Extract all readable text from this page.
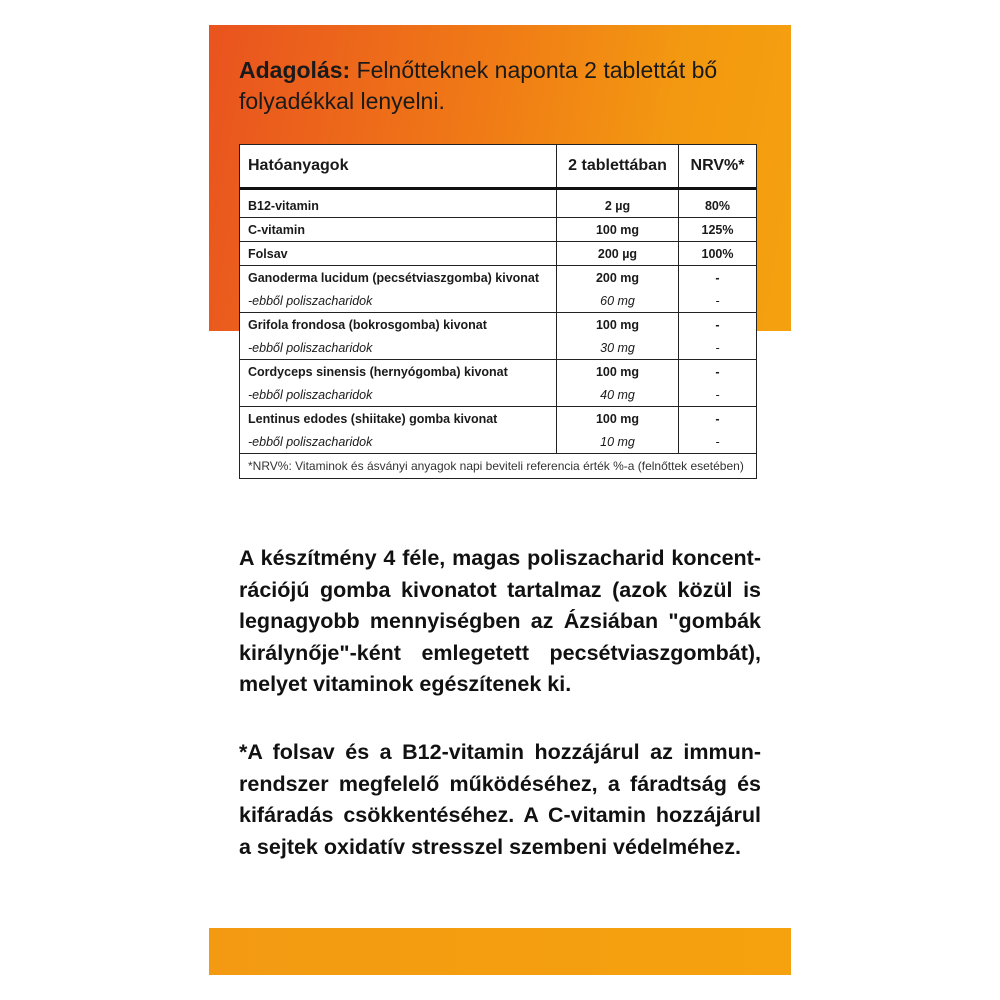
Adagolás: Felnőtteknek naponta 2 tablettát bő folyadékkal lenyelni.
Hatóanyagok	2 tablettában	NRV%*
B12-vitamin	2 µg	80%
C-vitamin	100 mg	125%
Folsav	200 µg	100%
Ganoderma lucidum (pecsétviaszgomba) kivonat	200 mg	-
-ebből poliszacharidok	60 mg	-
Grifola frondosa (bokrosgomba) kivonat	100 mg	-
-ebből poliszacharidok	30 mg	-
Cordyceps sinensis (hernyógomba) kivonat	100 mg	-
-ebből poliszacharidok	40 mg	-
Lentinus edodes (shiitake) gomba kivonat	100 mg	-
-ebből poliszacharidok	10 mg	-
*NRV%: Vitaminok és ásványi anyagok napi beviteli referencia érték %-a (felnőttek esetében)
A készítmény 4 féle, magas poliszacharid koncent-rációjú gomba kivonatot tartalmaz (azok közül is legnagyobb mennyiségben az Ázsiában "gombák királynője"-ként emlegetett pecsétviaszgombát), melyet vitaminok egészítenek ki.
*A folsav és a B12-vitamin hozzájárul az immun-rendszer megfelelő működéséhez, a fáradtság és kifáradás csökkentéséhez. A C-vitamin hozzájárul a sejtek oxidatív stresszel szembeni védelméhez.
